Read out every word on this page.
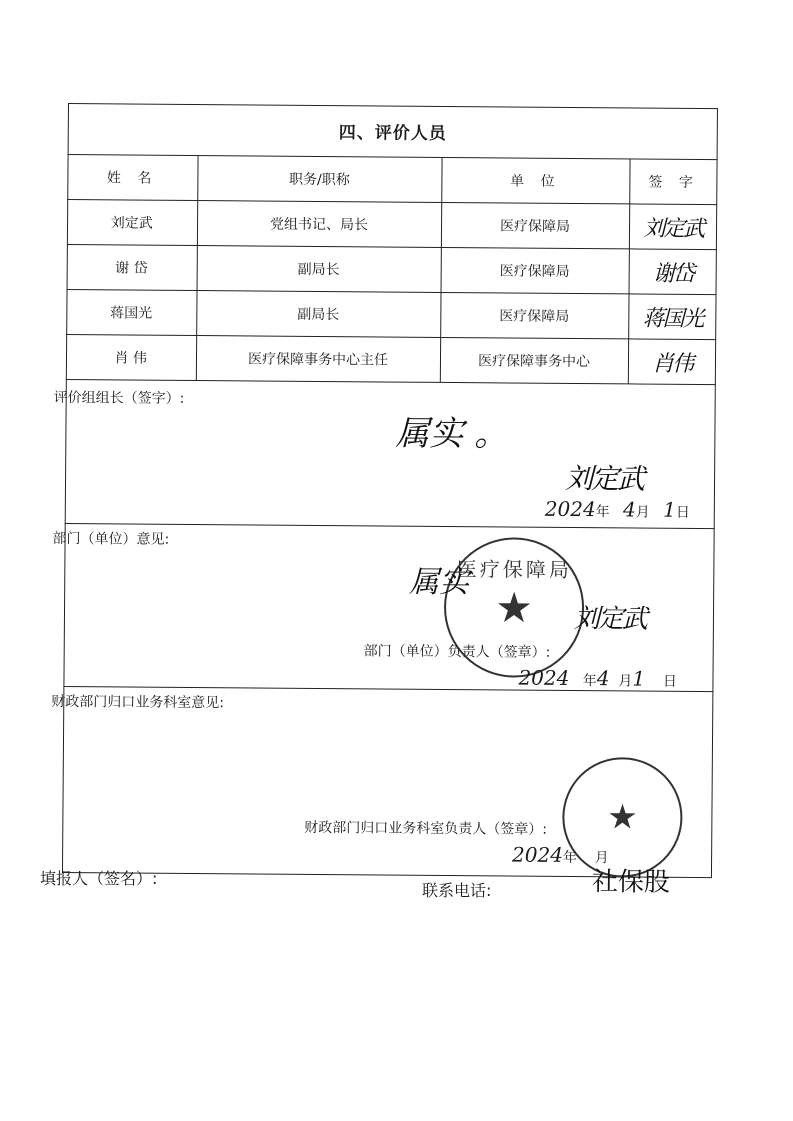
四、评价人员
姓 名	职务/职称	单 位	签 字
刘定武	党组书记、局长	医疗保障局	刘定武
谢 岱	副局长	医疗保障局	谢岱
蒋国光	副局长	医疗保障局	蒋国光
肖 伟	医疗保障事务中心主任	医疗保障事务中心	肖伟
评价组组长（签字）:
属实 。
刘定武
2024年 4月 1日
部门（单位）意见:
医疗保障局
★
属实
刘定武
部门（单位）负责人（签章）:
2024 年4 月1 日
财政部门归口业务科室意见:
★
财政部门归口业务科室负责人（签章）:
2024年 月
社保股
填报人（签名）:
联系电话:
